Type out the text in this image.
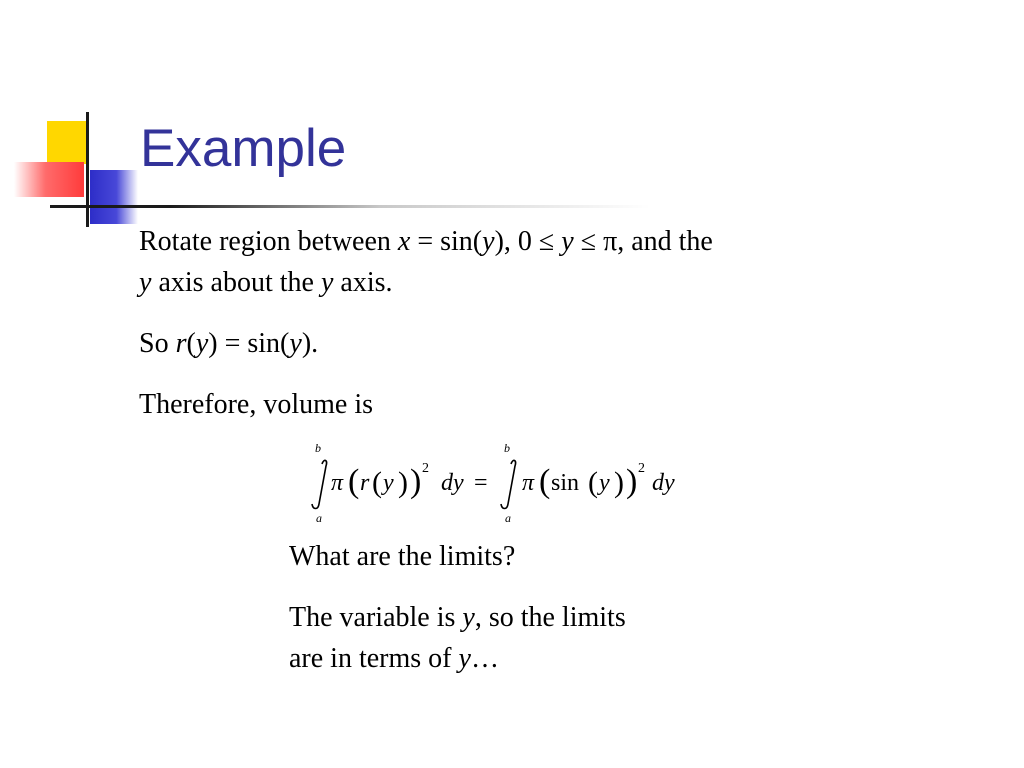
Example
Rotate region between x = sin(y), 0 ≤ y ≤ π, and the
y axis about the y axis.
So r(y) = sin(y).
Therefore, volume is
b
a
π ( r ( y ) ) 2
dy =
b
a
π ( sin ( y ) ) 2
dy
What are the limits?
The variable is y, so the limits
are in terms of y…
